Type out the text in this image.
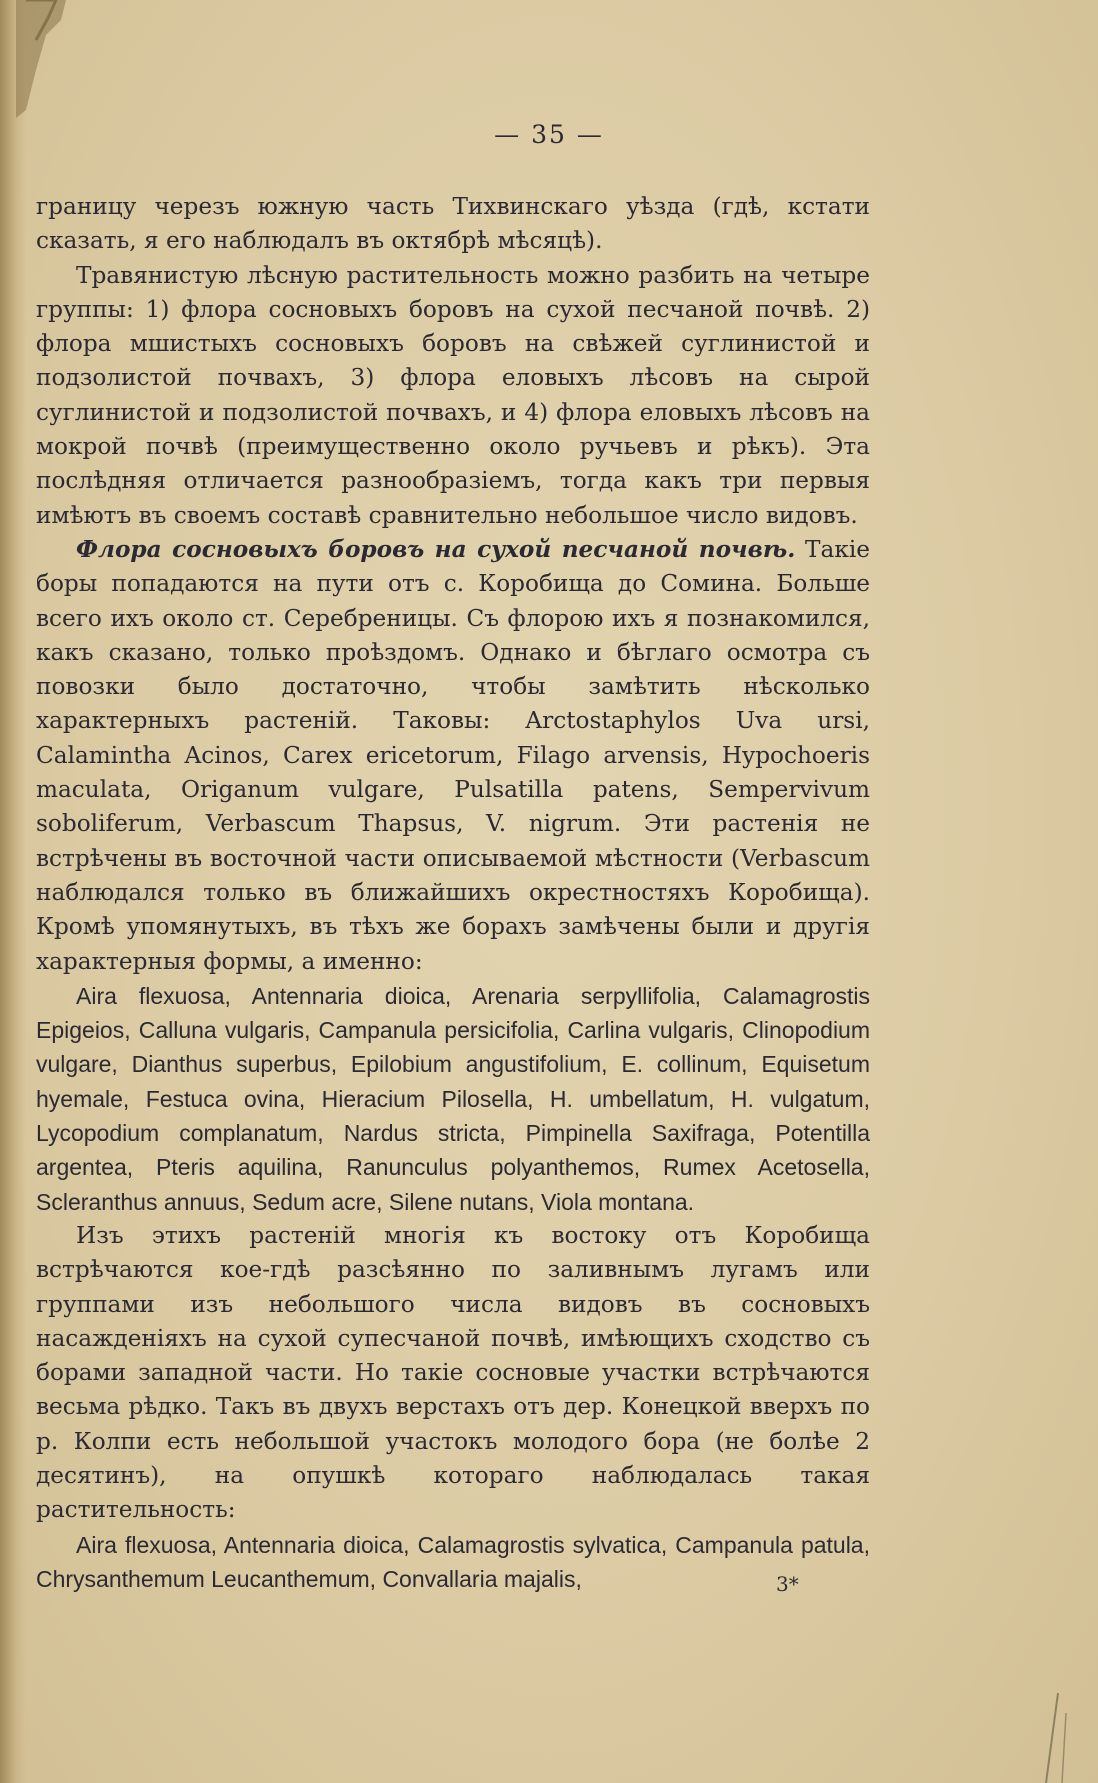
— 35 —

границу черезъ южную часть Тихвинскаго уѣзда (гдѣ, кстати сказать, я его наблюдалъ въ октябрѣ мѣсяцѣ).

Травянистую лѣсную растительность можно разбить на четыре группы: 1) флора сосновыхъ боровъ на сухой песчаной почвѣ. 2) флора мшистыхъ сосновыхъ боровъ на свѣжей суглинистой и подзолистой почвахъ, 3) флора еловыхъ лѣсовъ на сырой суглинистой и подзолистой почвахъ, и 4) флора еловыхъ лѣсовъ на мокрой почвѣ (преимущественно около ручьевъ и рѣкъ). Эта послѣдняя отличается разнообразіемъ, тогда какъ три первыя имѣютъ въ своемъ составѣ сравнительно небольшое число видовъ.

Флора сосновыхъ боровъ на сухой песчаной почвѣ. Такіе боры попадаются на пути отъ с. Коробища до Сомина. Больше всего ихъ около ст. Серебреницы. Съ флорою ихъ я познакомился, какъ сказано, только проѣздомъ. Однако и бѣглаго осмотра съ повозки было достаточно, чтобы замѣтить нѣсколько характерныхъ растеній. Таковы: Arctostaphylos Uva ursi, Calamintha Acinos, Carex ericetorum, Filago arvensis, Hypochoeris maculata, Origanum vulgare, Pulsatilla patens, Sempervivum soboliferum, Verbascum Thapsus, V. nigrum. Эти растенія не встрѣчены въ восточной части описываемой мѣстности (Verbascum наблюдался только въ ближайшихъ окрестностяхъ Коробища). Кромѣ упомянутыхъ, въ тѣхъ же борахъ замѣчены были и другія характерныя формы, а именно:

Aira flexuosa, Antennaria dioica, Arenaria serpyllifolia, Calamagrostis Epigeios, Calluna vulgaris, Campanula persicifolia, Carlina vulgaris, Clinopodium vulgare, Dianthus superbus, Epilobium angustifolium, E. collinum, Equisetum hyemale, Festuca ovina, Hieracium Pilosella, H. umbellatum, H. vulgatum, Lycopodium complanatum, Nardus stricta, Pimpinella Saxifraga, Potentilla argentea, Pteris aquilina, Ranunculus polyanthemos, Rumex Acetosella, Scleranthus annuus, Sedum acre, Silene nutans, Viola montana.

Изъ этихъ растеній многія къ востоку отъ Коробища встрѣчаются кое-гдѣ разсѣянно по заливнымъ лугамъ или группами изъ небольшого числа видовъ въ сосновыхъ насажденіяхъ на сухой супесчаной почвѣ, имѣющихъ сходство съ борами западной части. Но такіе сосновые участки встрѣчаются весьма рѣдко. Такъ въ двухъ верстахъ отъ дер. Конецкой вверхъ по р. Колпи есть небольшой участокъ молодого бора (не болѣе 2 десятинъ), на опушкѣ котораго наблюдалась такая растительность:

Aira flexuosa, Antennaria dioica, Calamagrostis sylvatica, Campanula patula, Chrysanthemum Leucanthemum, Convallaria majalis,	3*
